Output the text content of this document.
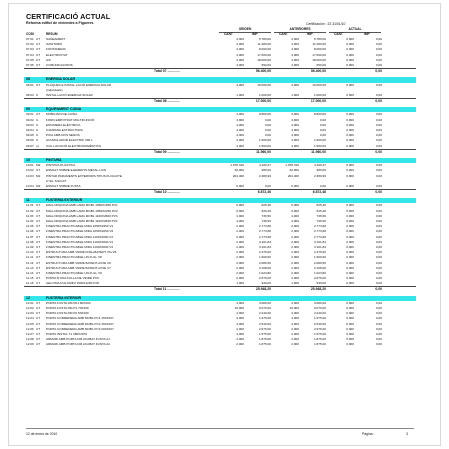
CERTIFICACIÓ ACTUAL
Reforma edifici de viviendes a Figueres	Certificación : 22 31/01/10
ORIGEN	ANTERIORES	ACTUAL
CODI	RESUM	CANT	IMP	CANT	IMP	CANT	IMP
07.01 UT	SANEAMENT	4,000	5.780,00	4,000	5.780,00	0,000	0,00
07.02 UT	SANITARIS	4,000	11.280,00	4,000	11.280,00	0,000	0,00
07.03 UT	FONTANERIA	4,000	8.000,00	4,000	8.000,00	0,000	0,00
07.04 UT	ELECTRICITAT	4,000	17.000,00	4,000	17.000,00	0,000	0,00
07.05 UT	A/C	4,000	18.000,00	4,000	18.000,00	0,000	0,00
07.06 UT	COMUNICACIONS	4,000	650,00	4,000	650,00	0,000	0,00
Total 07 .............	56.400,00	56.400,00	0,00
08	ENERGIA SOLAR
08.01 UT	PLAQUES E INSTAL.LACIÓ ENERGIA SOLAR	4,000	16.000,00	4,000	16.000,00	0,000	0,00
(individuals)
08.03 U	INSTAL.LACIÓ ENERGIA SOLAR	1,000	1.000,00	1,000	1.000,00	0,000	0,00
Total 08 .............	17.000,00	17.000,00	0,00
09	EQUIPAMENT CUINA
09.01 UT	MOBILIARI DE CUINA	4,000	8.800,00	4,000	8.800,00	0,000	0,00
09.02 U	FORN EMPOTRAT MULTIFUNCIÓ	4,000	0,00	4,000	0,00	0,000	0,00
09.03 U	ENCIMERA ELÈCTRICA	4,000	0,00	4,000	0,00	0,000	0,00
09.04 U	CAMPANA EXTRACTORA	4,000	0,00	4,000	0,00	0,000	0,00
09.05 U	PICA AMB DOS SENOS	4,000	0,00	4,000	0,00	0,000	0,00
09.06 U	ACUMULADOR ELECTRIC 300 L	4,000	1.600,00	4,000	1.600,00	0,000	0,00
09.07 ut	COL.LOCACIÓ ELECTRODOMÈSTICS	4,000	1.560,00	4,000	1.560,00	0,000	0,00
Total 09 .............	11.960,00	11.960,00	0,00
10	PINTURA
10.01 M2	PINTURA PLÀSTICA	1.078,310	4.160,47	1.078,310	4.160,47	0,000	0,00
10.02 UT	ESMALT SOBRE ELEMENTS METAL.LICS	20,000	280,00	20,000	280,00	0,000	0,00
10.03 M2	PINTAR PARAMENTS EXTERIORS TIPUS FLOGUITE	204,400	2.380,99	204,400	2.380,99	0,000	0,00
O SIL.SILICAT
10.04 M2	ESMALT SOBRE FUSTA	0,000	0,00	0,000	0,00	0,000	0,00
Total 10 .............	6.872,46	6.872,46	0,00
11	FUSTERIA EXTERIOR
11.01 UT	MALLORQUINA AMB LAMA MOBL 1050X1950 PV1	0,000	625,46	0,000	625,46	0,000	0,00
11.02 UT	MALLORQUINA AMB LAMA MOBL 1050X2250 PV2	0,000	625,46	0,000	625,46	0,000	0,00
11.03 UT	MALLORQUINA AMB LAMA MOBL 1100X2600 PV3	4,000	736,50	4,000	736,50	0,000	0,00
11.04 UT	MALLORQUINA AMB LAMA MOBL 1100X2840 PV4	4,000	736,50	4,000	736,50	0,000	0,00
11.05 UT	FINESTRA PRACTICABLE MIDA 1050X1950 V1	2,000	2.773,68	2,000	2.773,68	0,000	0,00
11.06 UT	FINESTRA PRACTICABLE MIDA 1050X2250 V2	2,000	2.773,68	2,000	2.773,68	0,000	0,00
11.07 UT	FINESTRA PRACTICABLE MIDA 1100X2600 V3	2,000	2.773,68	2,000	2.773,68	0,000	0,00
11.08 UT	FINESTRA PRACTICABLE MIDA 1100X2840 V4	2,000	3.161,84	2,000	3.161,84	0,000	0,00
11.09 UT	FINESTRA PRACTICABLE MIDA 1100X2840 V4	2,000	3.161,84	2,000	3.161,84	0,000	0,00
11.10 UT	ESTRUCTURA AMB VIDRE FIXE+BATENT V5+V6	2,000	2.476,60	2,000	2.476,60	0,000	0,00
11.11 UT	FINESTRA PRACTICABLE UN FULL V8	2,000	1.609,60	2,000	1.609,60	0,000	0,00
11.12 UT	ESTRUCTURA AMB VIDRE BATENT+FIXE V8	2,000	2.086,50	2,000	2.086,50	0,000	0,00
11.13 UT	ESTRUCTURA AMB VIDRE BATENT+FIXE V7	2,000	2.108,00	2,000	2.108,00	0,000	0,00
11.14 UT	FINESTRA PRACTICABLE UN FULL V9	2,000	1.023,80	2,000	1.023,80	0,000	0,00
11.15 UT	PORTA D'UNA FULLA DE VIDRE PV0	2,000	2.076,00	2,000	2.076,00	0,000	0,00
11.16 UT	GELOSIA D'ALUMINI 1500X1200 FV8	1,000	930,00	1,000	930,00	0,000	0,00
Total 11 .............	25.948,20	25.948,20	0,00
12	FUSTERIA INTERIOR
12.01 UT	PORTA FUSTA DM PA1 80X200	4,000	3.080,00	4,000	3.080,00	0,000	0,00
12.02 UT	PORTA FUSTA DM P1 70X200	16,000	9.070,00	16,000	9.070,00	0,000	0,00
12.03 UT	PORTA FUSTA DM P2 60X200	4,000	2.240,00	4,000	2.240,00	0,000	0,00
12.04 UT	PORTA CORREDERA AMB MOBL PC1 150X207	4,000	1.975,00	4,000	1.975,00	0,000	0,00
12.05 UT	PORTA CORREDERA AMB MOBL PC2 160X207	4,000	2.540,00	4,000	2.540,00	0,000	0,00
12.06 UT	PORTA CORREDERA AMB MOBL PC3 200X207	2,000	2.976,00	2,000	2.976,00	0,000	0,00
12.07 UT	PORTA INSTAL.T1 350X2070	4,000	1.575,00	4,000	1.575,00	0,000	0,00
12.08 UT	ARMARI AMB PORTA DM ACABAT FUSTA A1	2,000	1.875,00	2,000	1.875,00	0,000	0,00
12.09 UT	ARMARI AMB PORTA DM ACABAT FUSTA A2	2,000	1.875,00	2,000	1.875,00	0,000	0,00
12 de enero de 2010	Página :	3
